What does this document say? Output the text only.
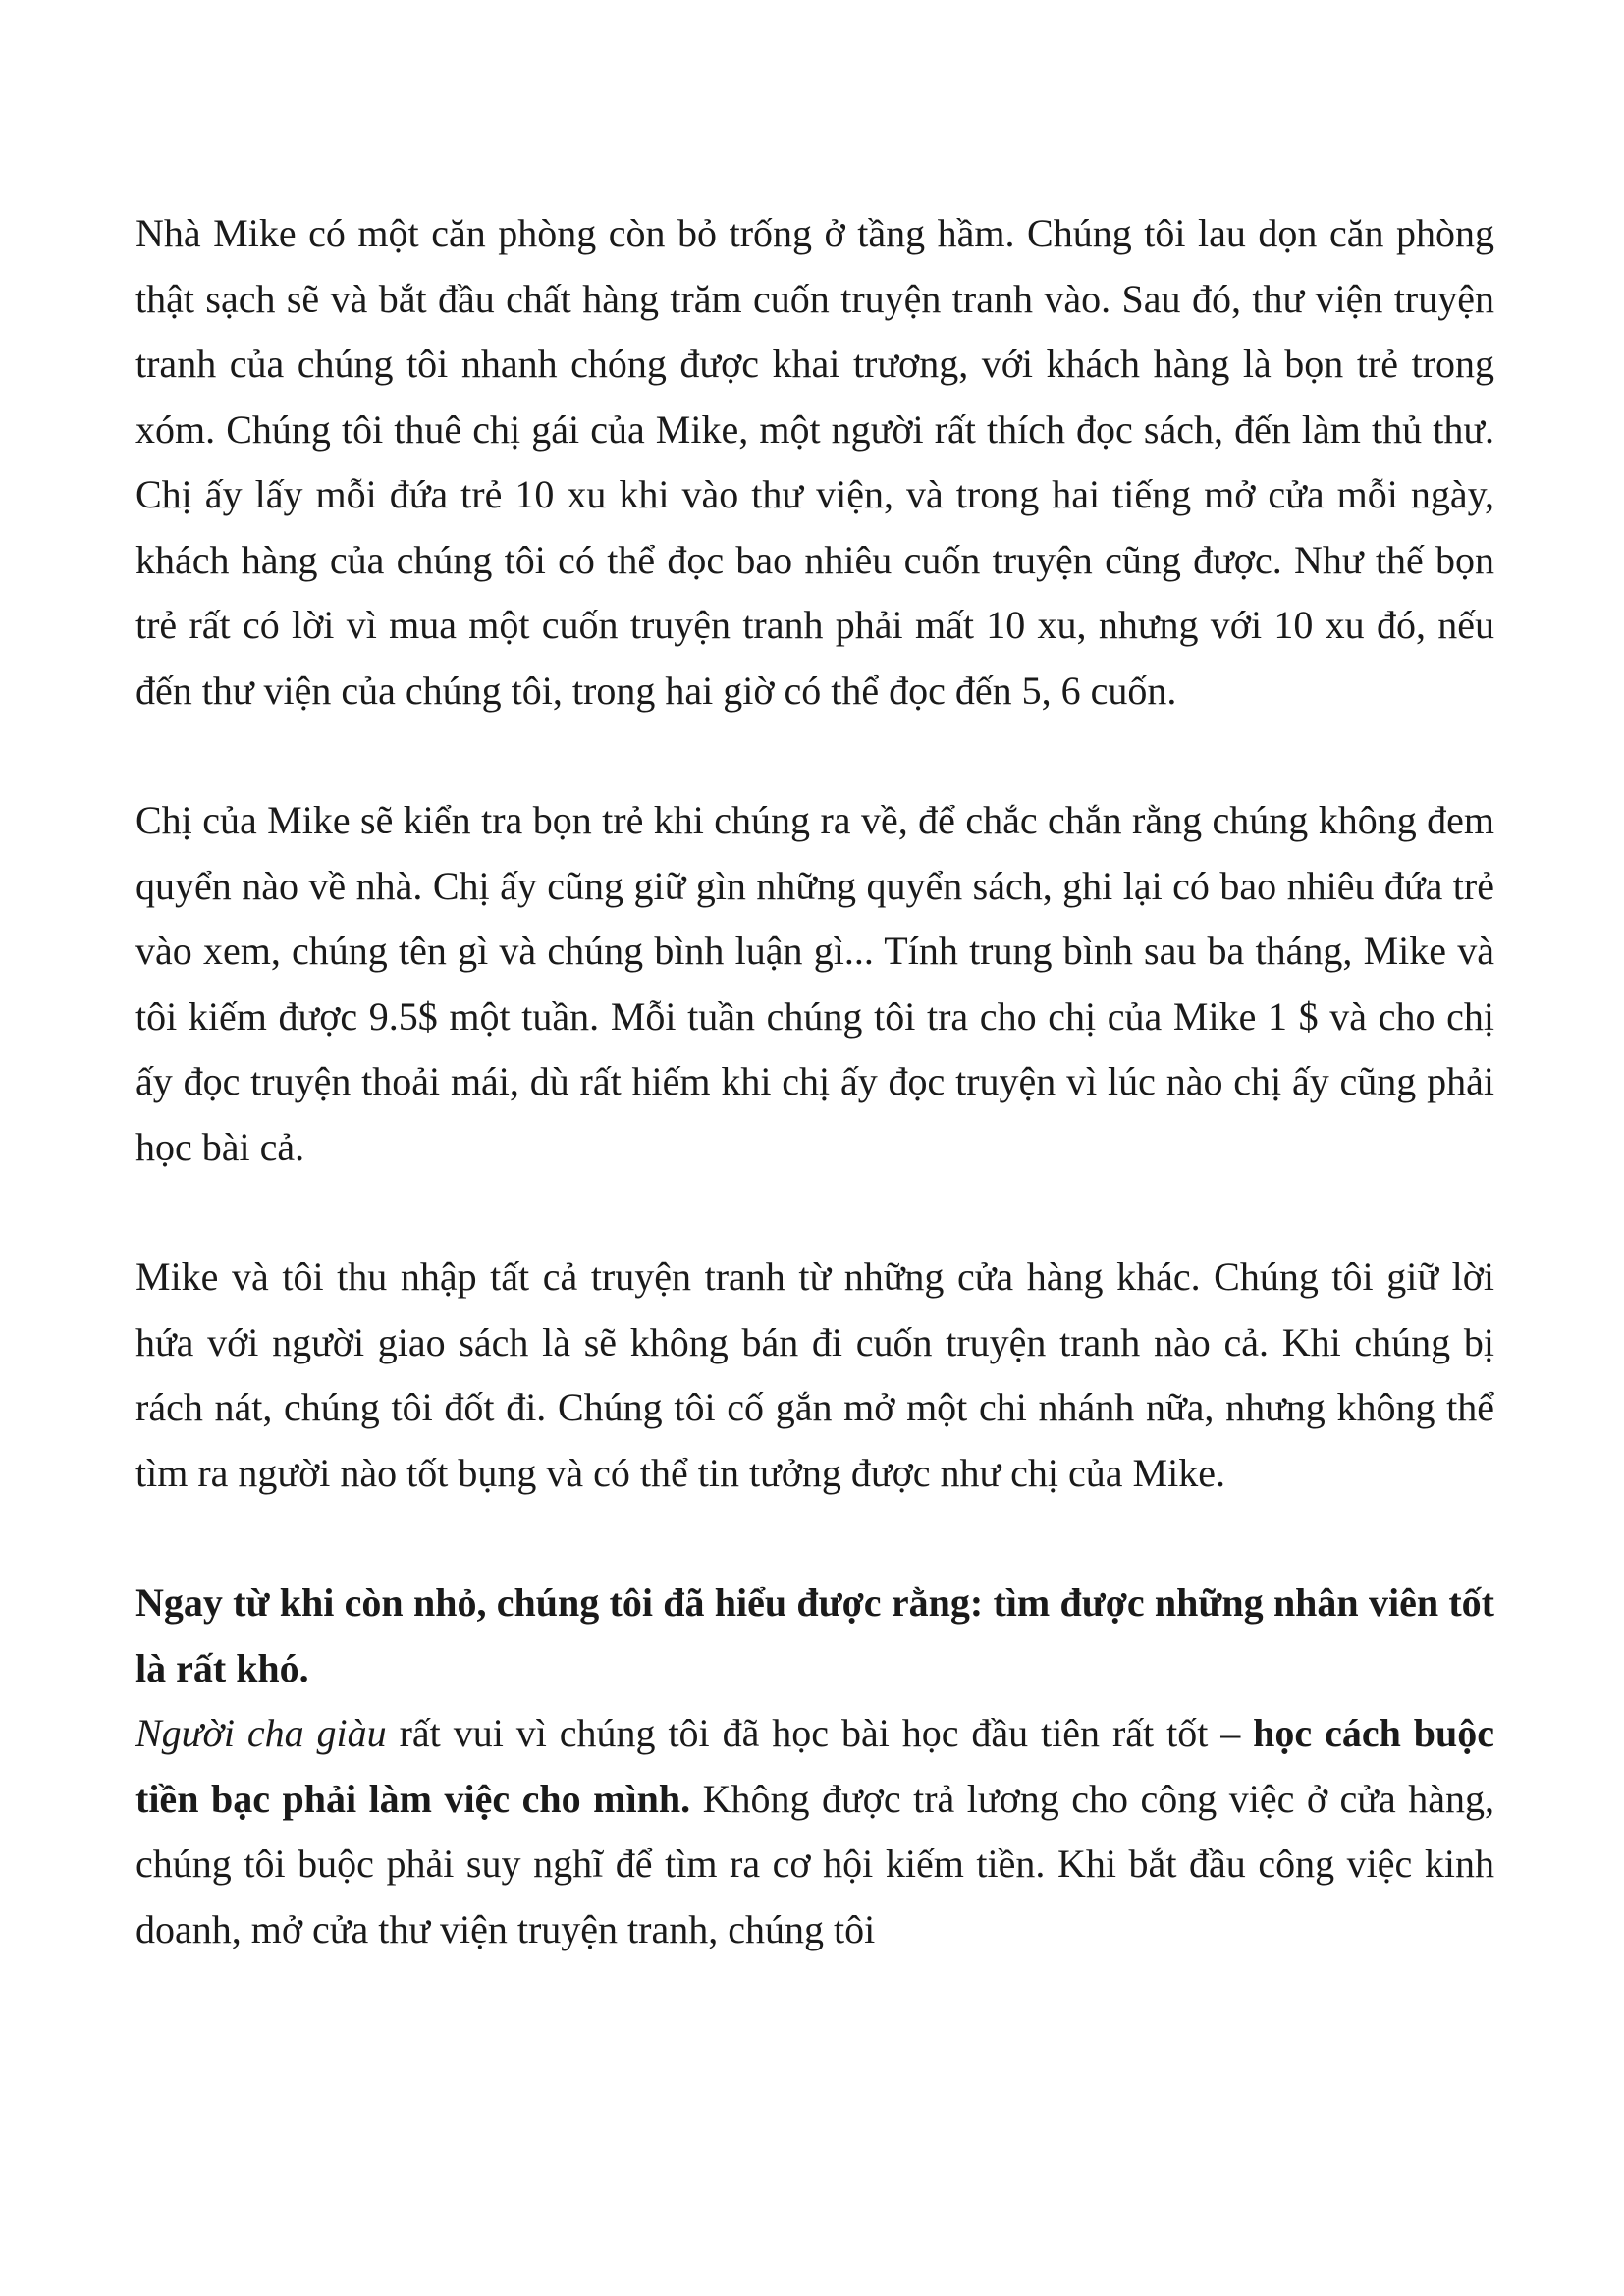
Nhà Mike có một căn phòng còn bỏ trống ở tầng hầm. Chúng tôi lau dọn căn phòng thật sạch sẽ và bắt đầu chất hàng trăm cuốn truyện tranh vào. Sau đó, thư viện truyện tranh của chúng tôi nhanh chóng được khai trương, với khách hàng là bọn trẻ trong xóm. Chúng tôi thuê chị gái của Mike, một người rất thích đọc sách, đến làm thủ thư. Chị ấy lấy mỗi đứa trẻ 10 xu khi vào thư viện, và trong hai tiếng mở cửa mỗi ngày, khách hàng của chúng tôi có thể đọc bao nhiêu cuốn truyện cũng được. Như thế bọn trẻ rất có lời vì mua một cuốn truyện tranh phải mất 10 xu, nhưng với 10 xu đó, nếu đến thư viện của chúng tôi, trong hai giờ có thể đọc đến 5, 6 cuốn.

Chị của Mike sẽ kiển tra bọn trẻ khi chúng ra về, để chắc chắn rằng chúng không đem quyển nào về nhà. Chị ấy cũng giữ gìn những quyển sách, ghi lại có bao nhiêu đứa trẻ vào xem, chúng tên gì và chúng bình luận gì... Tính trung bình sau ba tháng, Mike và tôi kiếm được 9.5$ một tuần. Mỗi tuần chúng tôi tra cho chị của Mike 1 $ và cho chị ấy đọc truyện thoải mái, dù rất hiếm khi chị ấy đọc truyện vì lúc nào chị ấy cũng phải học bài cả.

Mike và tôi thu nhập tất cả truyện tranh từ những cửa hàng khác. Chúng tôi giữ lời hứa với người giao sách là sẽ không bán đi cuốn truyện tranh nào cả. Khi chúng bị rách nát, chúng tôi đốt đi. Chúng tôi cố gắn mở một chi nhánh nữa, nhưng không thể tìm ra người nào tốt bụng và có thể tin tưởng được như chị của Mike.

Ngay từ khi còn nhỏ, chúng tôi đã hiểu được rằng: tìm được những nhân viên tốt là rất khó.

Người cha giàu rất vui vì chúng tôi đã học bài học đầu tiên rất tốt – học cách buộc tiền bạc phải làm việc cho mình. Không được trả lương cho công việc ở cửa hàng, chúng tôi buộc phải suy nghĩ để tìm ra cơ hội kiếm tiền. Khi bắt đầu công việc kinh doanh, mở cửa thư viện truyện tranh, chúng tôi
